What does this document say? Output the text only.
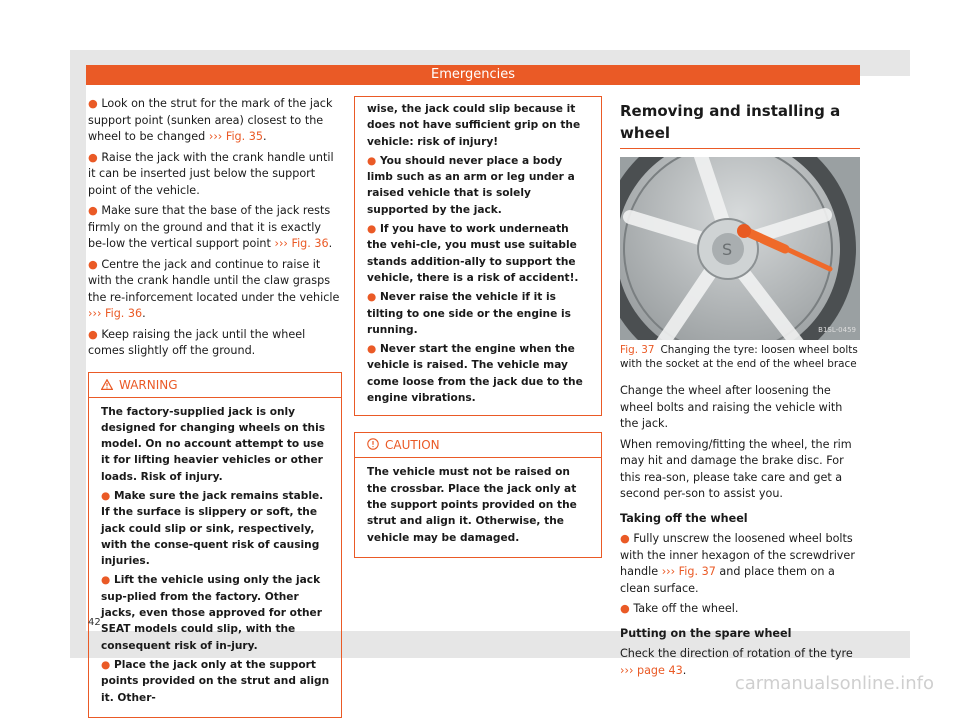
Emergencies

● Look on the strut for the mark of the jack support point (sunken area) closest to the wheel to be changed ››› Fig. 35.

● Raise the jack with the crank handle until it can be inserted just below the support point of the vehicle.

● Make sure that the base of the jack rests firmly on the ground and that it is exactly be-low the vertical support point ››› Fig. 36.

● Centre the jack and continue to raise it with the crank handle until the claw grasps the re-inforcement located under the vehicle ››› Fig. 36.

● Keep raising the jack until the wheel comes slightly off the ground.

WARNING

The factory-supplied jack is only designed for changing wheels on this model. On no account attempt to use it for lifting heavier vehicles or other loads. Risk of injury.

● Make sure the jack remains stable. If the surface is slippery or soft, the jack could slip or sink, respectively, with the conse-quent risk of causing injuries.

● Lift the vehicle using only the jack sup-plied from the factory. Other jacks, even those approved for other SEAT models could slip, with the consequent risk of in-jury.

● Place the jack only at the support points provided on the strut and align it. Other-

wise, the jack could slip because it does not have sufficient grip on the vehicle: risk of injury!

● You should never place a body limb such as an arm or leg under a raised vehicle that is solely supported by the jack.

● If you have to work underneath the vehi-cle, you must use suitable stands addition-ally to support the vehicle, there is a risk of accident!.

● Never raise the vehicle if it is tilting to one side or the engine is running.

● Never start the engine when the vehicle is raised. The vehicle may come loose from the jack due to the engine vibrations.

CAUTION

The vehicle must not be raised on the crossbar. Place the jack only at the support points provided on the strut and align it. Otherwise, the vehicle may be damaged.

Removing and installing a wheel
S
B1SL-0459
Fig. 37 Changing the tyre: loosen wheel bolts with the socket at the end of the wheel brace

Change the wheel after loosening the wheel bolts and raising the vehicle with the jack.

When removing/fitting the wheel, the rim may hit and damage the brake disc. For this rea-son, please take care and get a second per-son to assist you.

Taking off the wheel

● Fully unscrew the loosened wheel bolts with the inner hexagon of the screwdriver handle ››› Fig. 37 and place them on a clean surface.

● Take off the wheel.

Putting on the spare wheel

Check the direction of rotation of the tyre
››› page 43.

42
carmanualsonline.info
